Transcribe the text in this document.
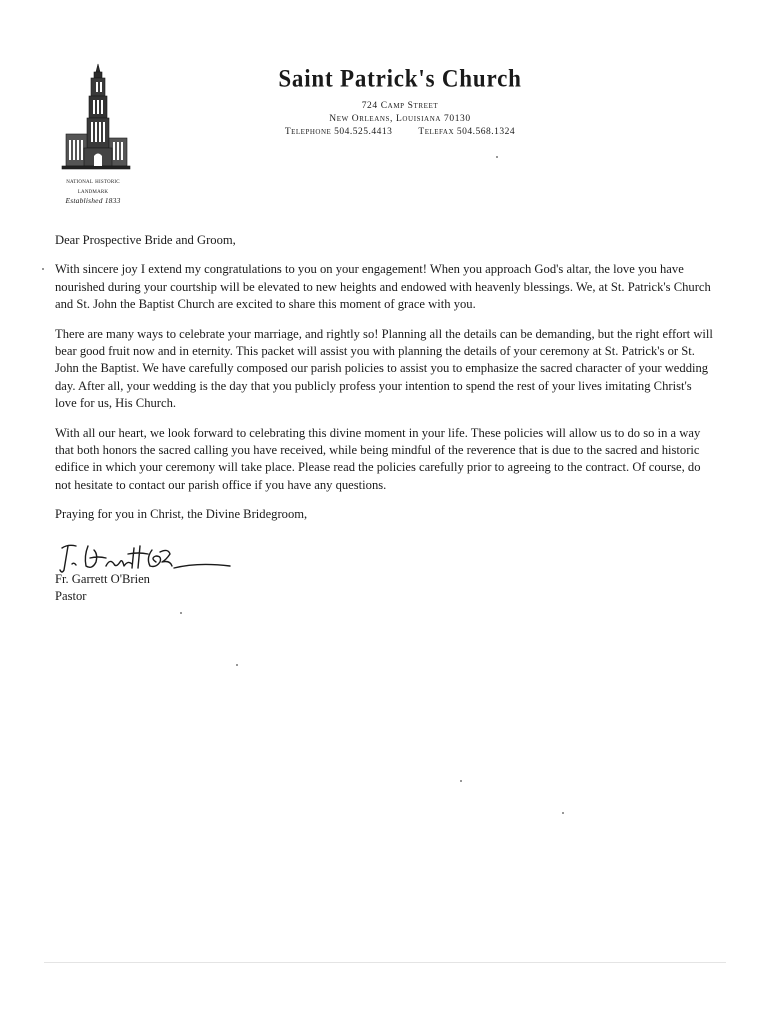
national historic
landmark
Established 1833
Saint Patrick's Church
724 Camp Street
New Orleans, Louisiana 70130
Telephone 504.525.4413	Telefax 504.568.1324

Dear Prospective Bride and Groom,

With sincere joy I extend my congratulations to you on your engagement! When you approach God's altar, the love you have nourished during your courtship will be elevated to new heights and endowed with heavenly blessings. We, at St. Patrick's Church and St. John the Baptist Church are excited to share this moment of grace with you.

There are many ways to celebrate your marriage, and rightly so! Planning all the details can be demanding, but the right effort will bear good fruit now and in eternity. This packet will assist you with planning the details of your ceremony at St. Patrick's or St. John the Baptist. We have carefully composed our parish policies to assist you to emphasize the sacred character of your wedding day. After all, your wedding is the day that you publicly profess your intention to spend the rest of your lives imitating Christ's love for us, His Church.

With all our heart, we look forward to celebrating this divine moment in your life. These policies will allow us to do so in a way that both honors the sacred calling you have received, while being mindful of the reverence that is due to the sacred and historic edifice in which your ceremony will take place. Please read the policies carefully prior to agreeing to the contract. Of course, do not hesitate to contact our parish office if you have any questions.

Praying for you in Christ, the Divine Bridegroom,

Fr. Garrett O'Brien
Pastor
